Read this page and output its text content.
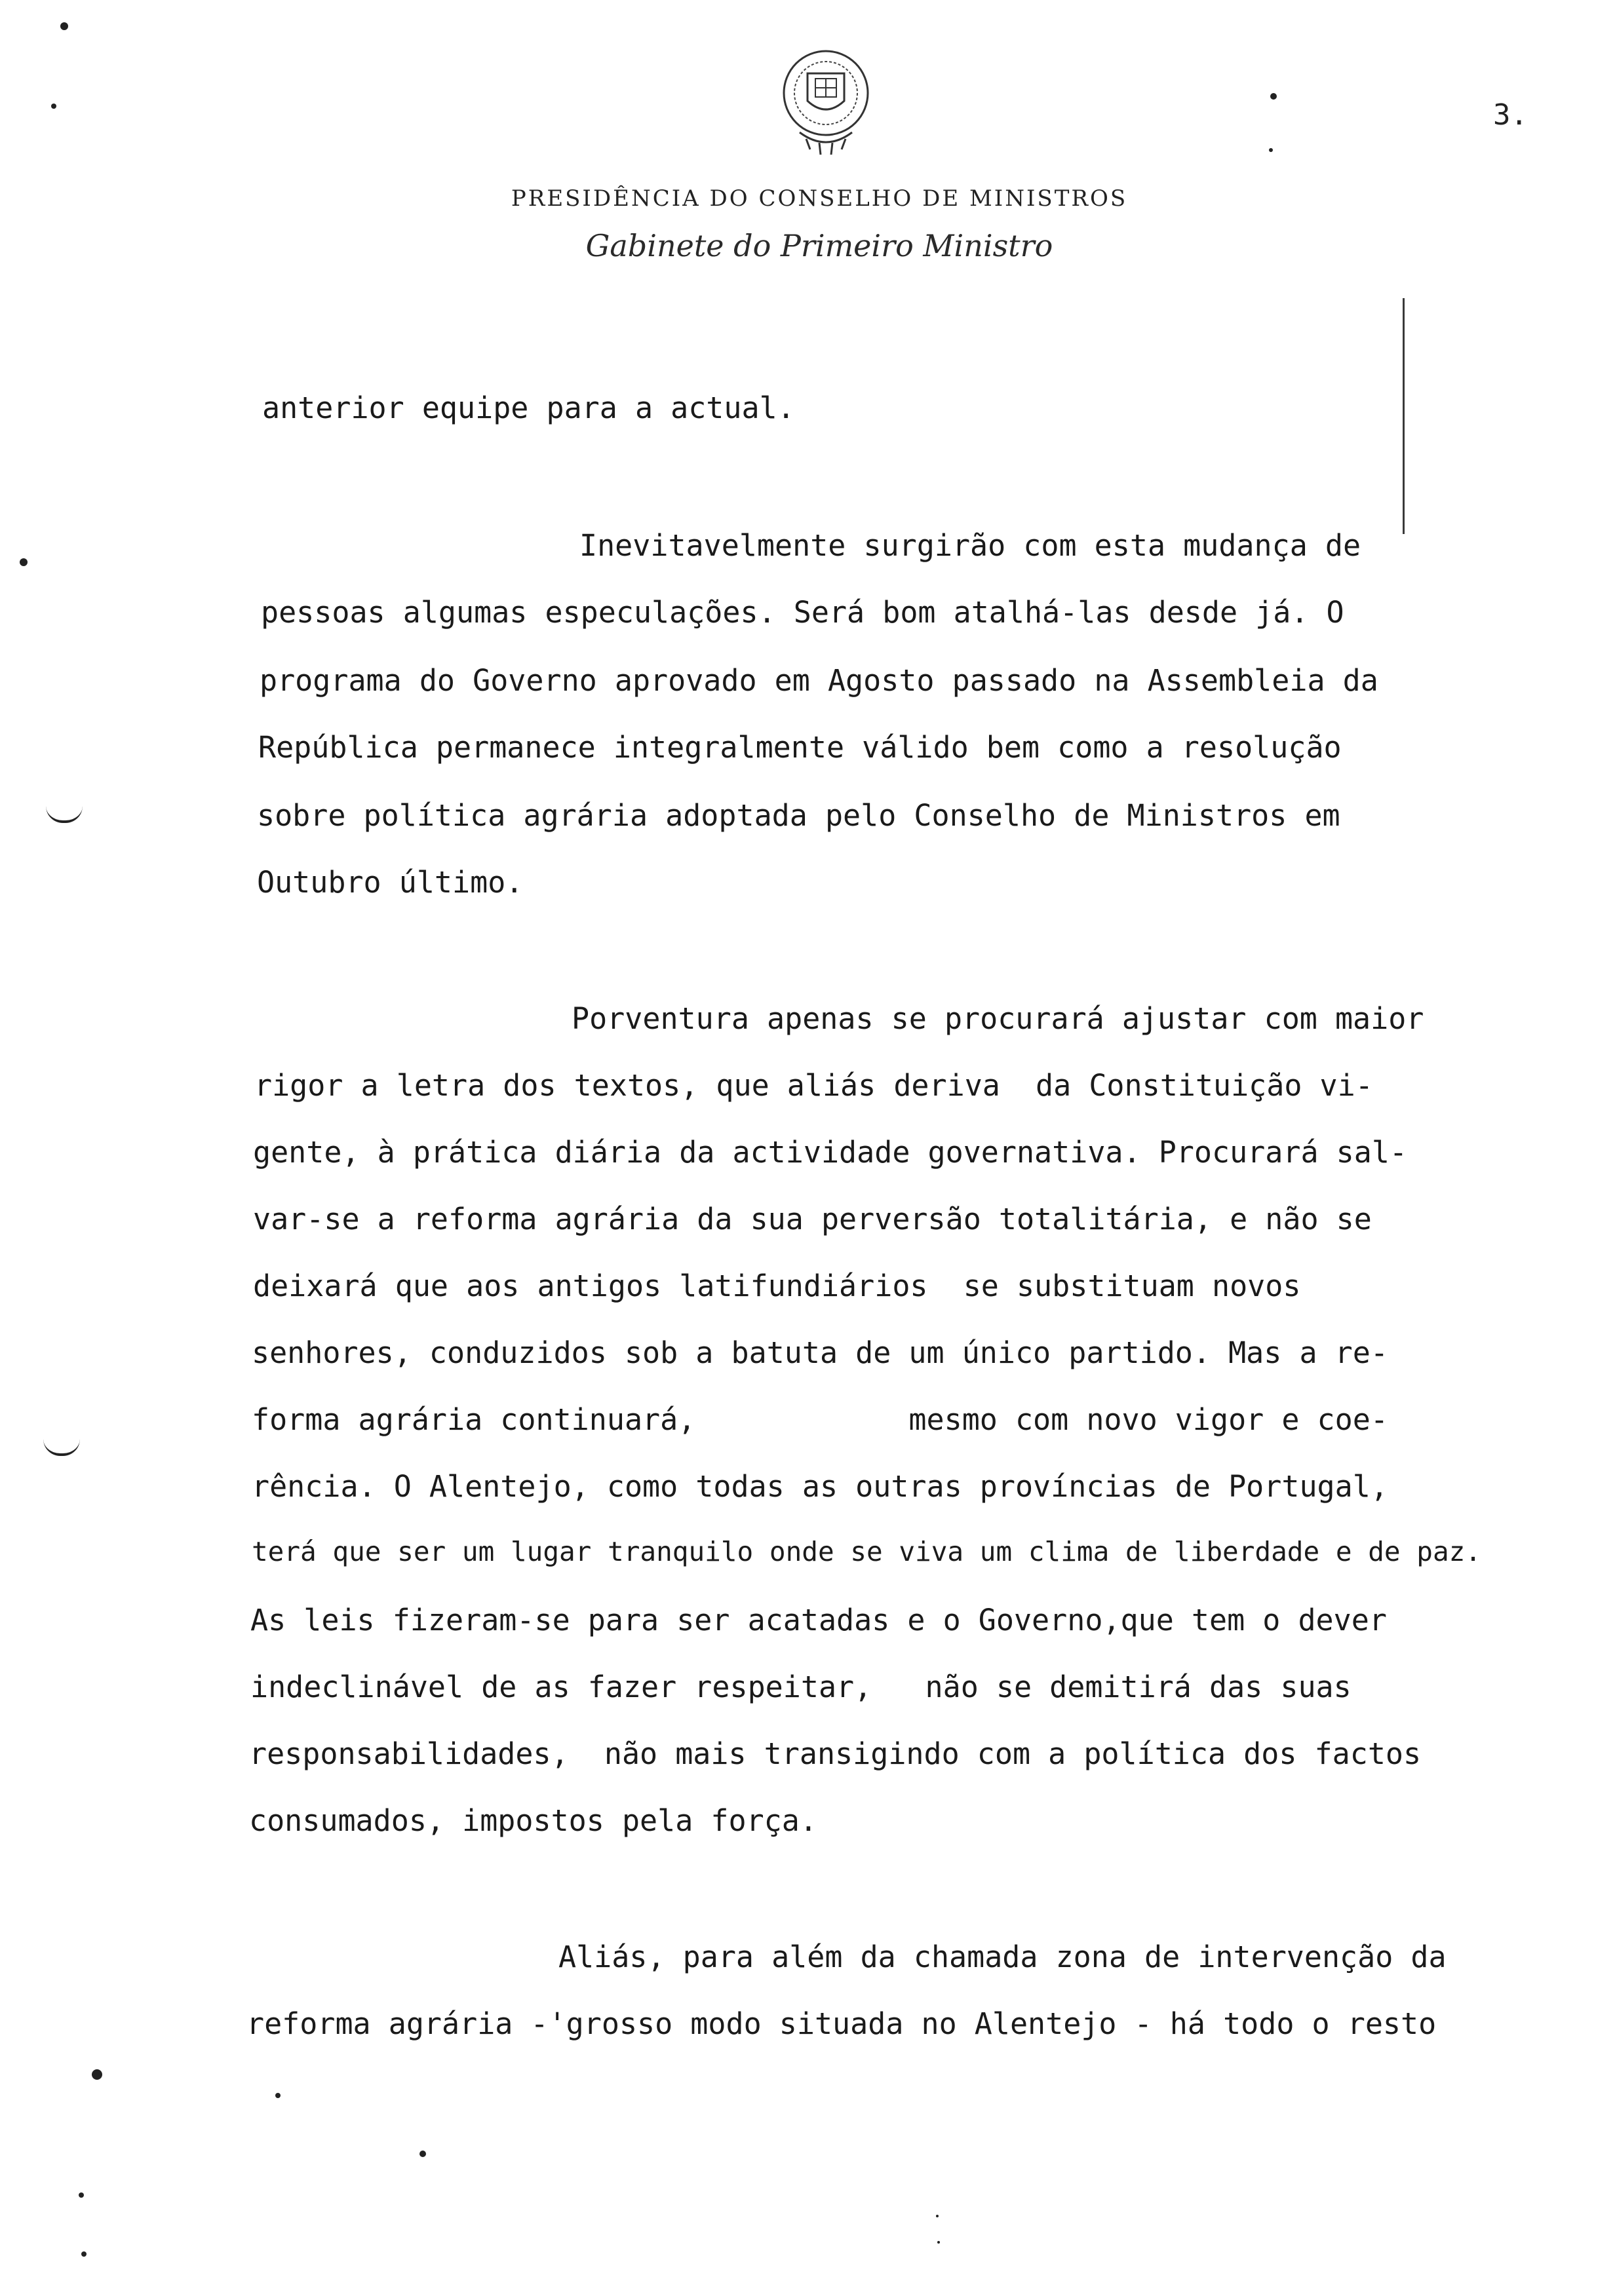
3.
PRESIDÊNCIA DO CONSELHO DE MINISTROS
Gabinete do Primeiro Ministro
anterior equipe para a actual.
Inevitavelmente surgirão com esta mudança de
pessoas algumas especulações. Será bom atalhá-las desde já. O
programa do Governo aprovado em Agosto passado na Assembleia da
República permanece integralmente válido bem como a resolução
sobre política agrária adoptada pelo Conselho de Ministros em
Outubro último.
Porventura apenas se procurará ajustar com maior
rigor a letra dos textos, que aliás deriva  da Constituição vi-
gente, à prática diária da actividade governativa. Procurará sal-
var-se a reforma agrária da sua perversão totalitária, e não se
deixará que aos antigos latifundiários  se substituam novos
senhores, conduzidos sob a batuta de um único partido. Mas a re-
forma agrária continuará,            mesmo com novo vigor e coe-
rência. O Alentejo, como todas as outras províncias de Portugal,
terá que ser um lugar tranquilo onde se viva um clima de liberdade e de paz.
As leis fizeram-se para ser acatadas e o Governo,que tem o dever
indeclinável de as fazer respeitar,   não se demitirá das suas
responsabilidades,  não mais transigindo com a política dos factos
consumados, impostos pela força.
Aliás, para além da chamada zona de intervenção da
reforma agrária -'grosso modo situada no Alentejo - há todo o resto
